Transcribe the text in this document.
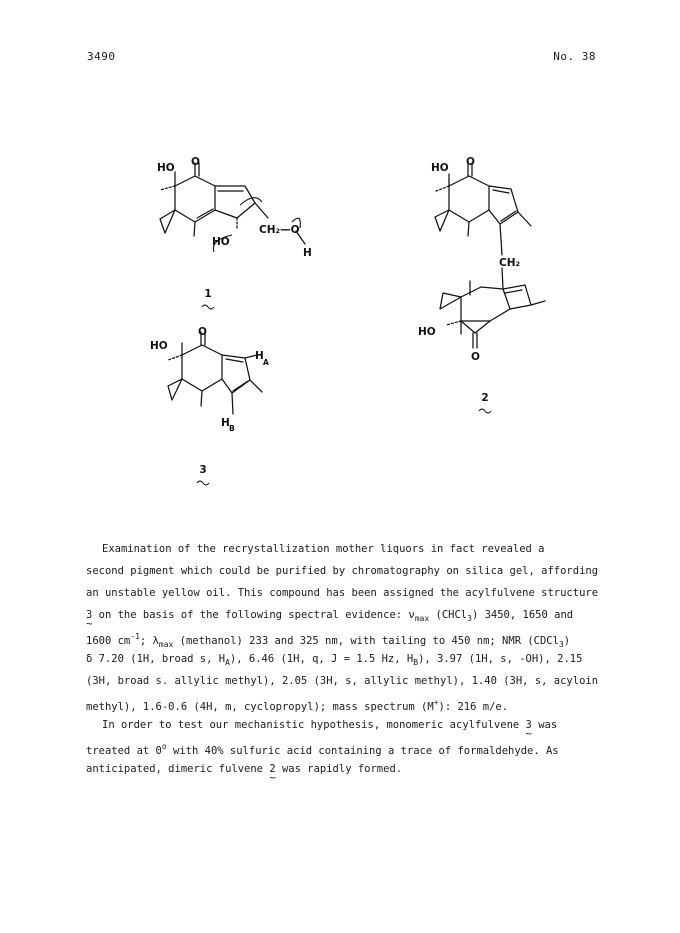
3490	No. 38
HO O
CH₂—O
H
HO
1
HO
O
H
A
H B
3
HO O
CH₂
HO
O
2
Examination of the recrystallization mother liquors in fact revealed a
second pigment which could be purified by chromatography on silica gel, affording
an unstable yellow oil. This compound has been assigned the acylfulvene structure
3 ~ on the basis of the following spectral evidence: $\nu_{max}$ (CHCl$_3$) 3450, 1650 and
1600 $cm^{-1}$; $\lambda_{max}$ (methanol) 233 and 325 nm, with tailing to 450 nm; NMR (CDCl$_3$)
δ 7.20 (1H, broad s, $H_A$), 6.46 (1H, q, J = 1.5 Hz, $H_B$), 3.97 (1H, s, -OH), 2.15
(3H, broad s. allylic methyl), 2.05 (3H, s, allylic methyl), 1.40 (3H, s, acyloin
methyl), 1.6-0.6 (4H, m, cyclopropyl); mass spectrum (M+): 216 m/e.
In order to test our mechanistic hypothesis, monomeric acylfulvene 3 ~ was
treated at 0$^o$ with 40% sulfuric acid containing a trace of formaldehyde. As
anticipated, dimeric fulvene 2 ~ was rapidly formed.
